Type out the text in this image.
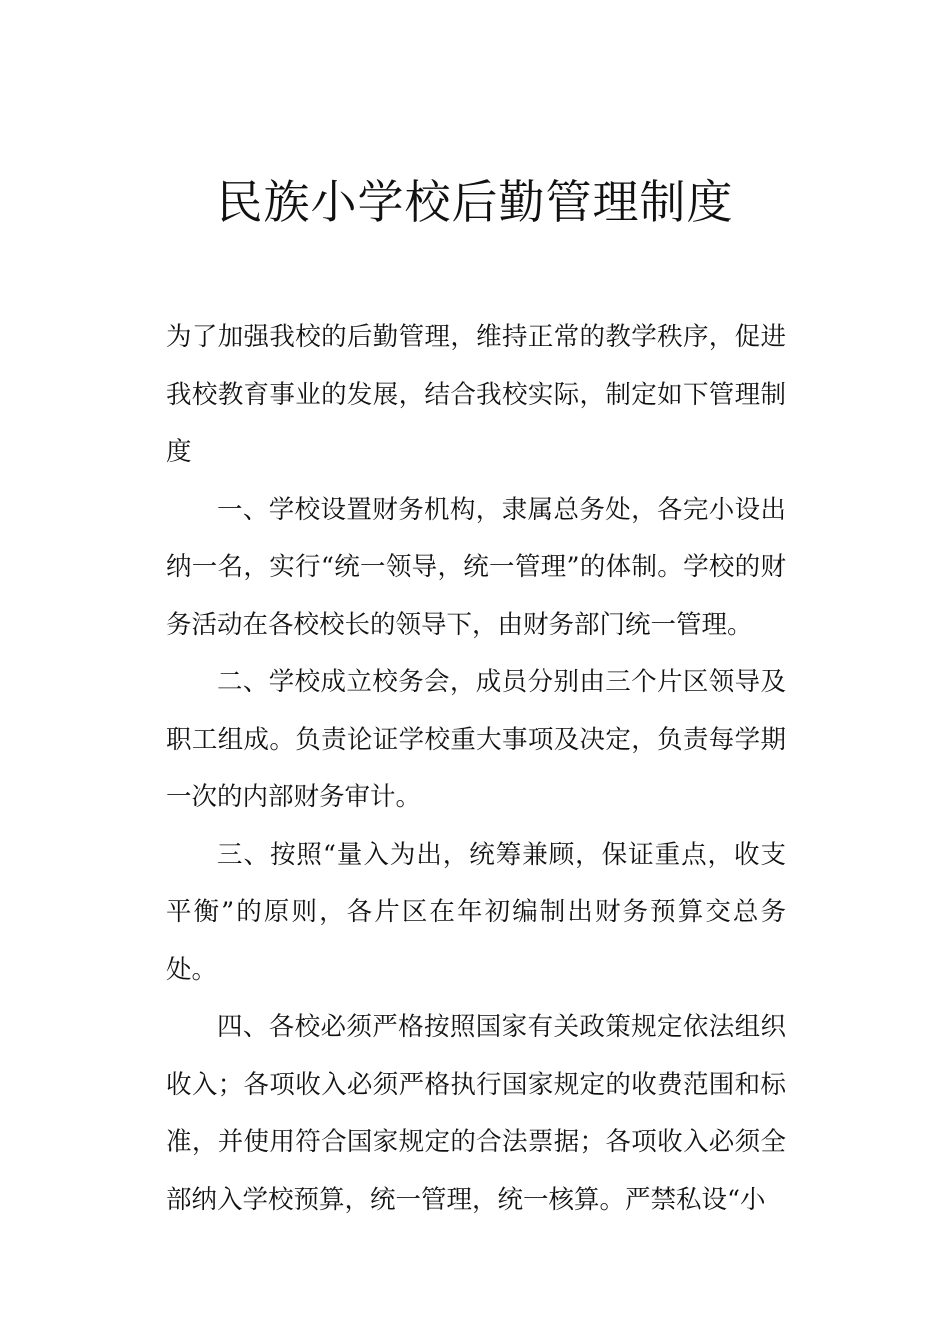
民族小学校后勤管理制度

为了加强我校的后勤管理，维持正常的教学秩序，促进我校教育事业的发展，结合我校实际，制定如下管理制度

一、学校设置财务机构，隶属总务处，各完小设出纳一名，实行“统一领导，统一管理”的体制。学校的财务活动在各校校长的领导下，由财务部门统一管理。

二、学校成立校务会，成员分别由三个片区领导及职工组成。负责论证学校重大事项及决定，负责每学期一次的内部财务审计。

三、按照“量入为出，统筹兼顾，保证重点，收支平衡”的原则，各片区在年初编制出财务预算交总务处。

四、各校必须严格按照国家有关政策规定依法组织收入；各项收入必须严格执行国家规定的收费范围和标准，并使用符合国家规定的合法票据；各项收入必须全部纳入学校预算，统一管理，统一核算。严禁私设“小
